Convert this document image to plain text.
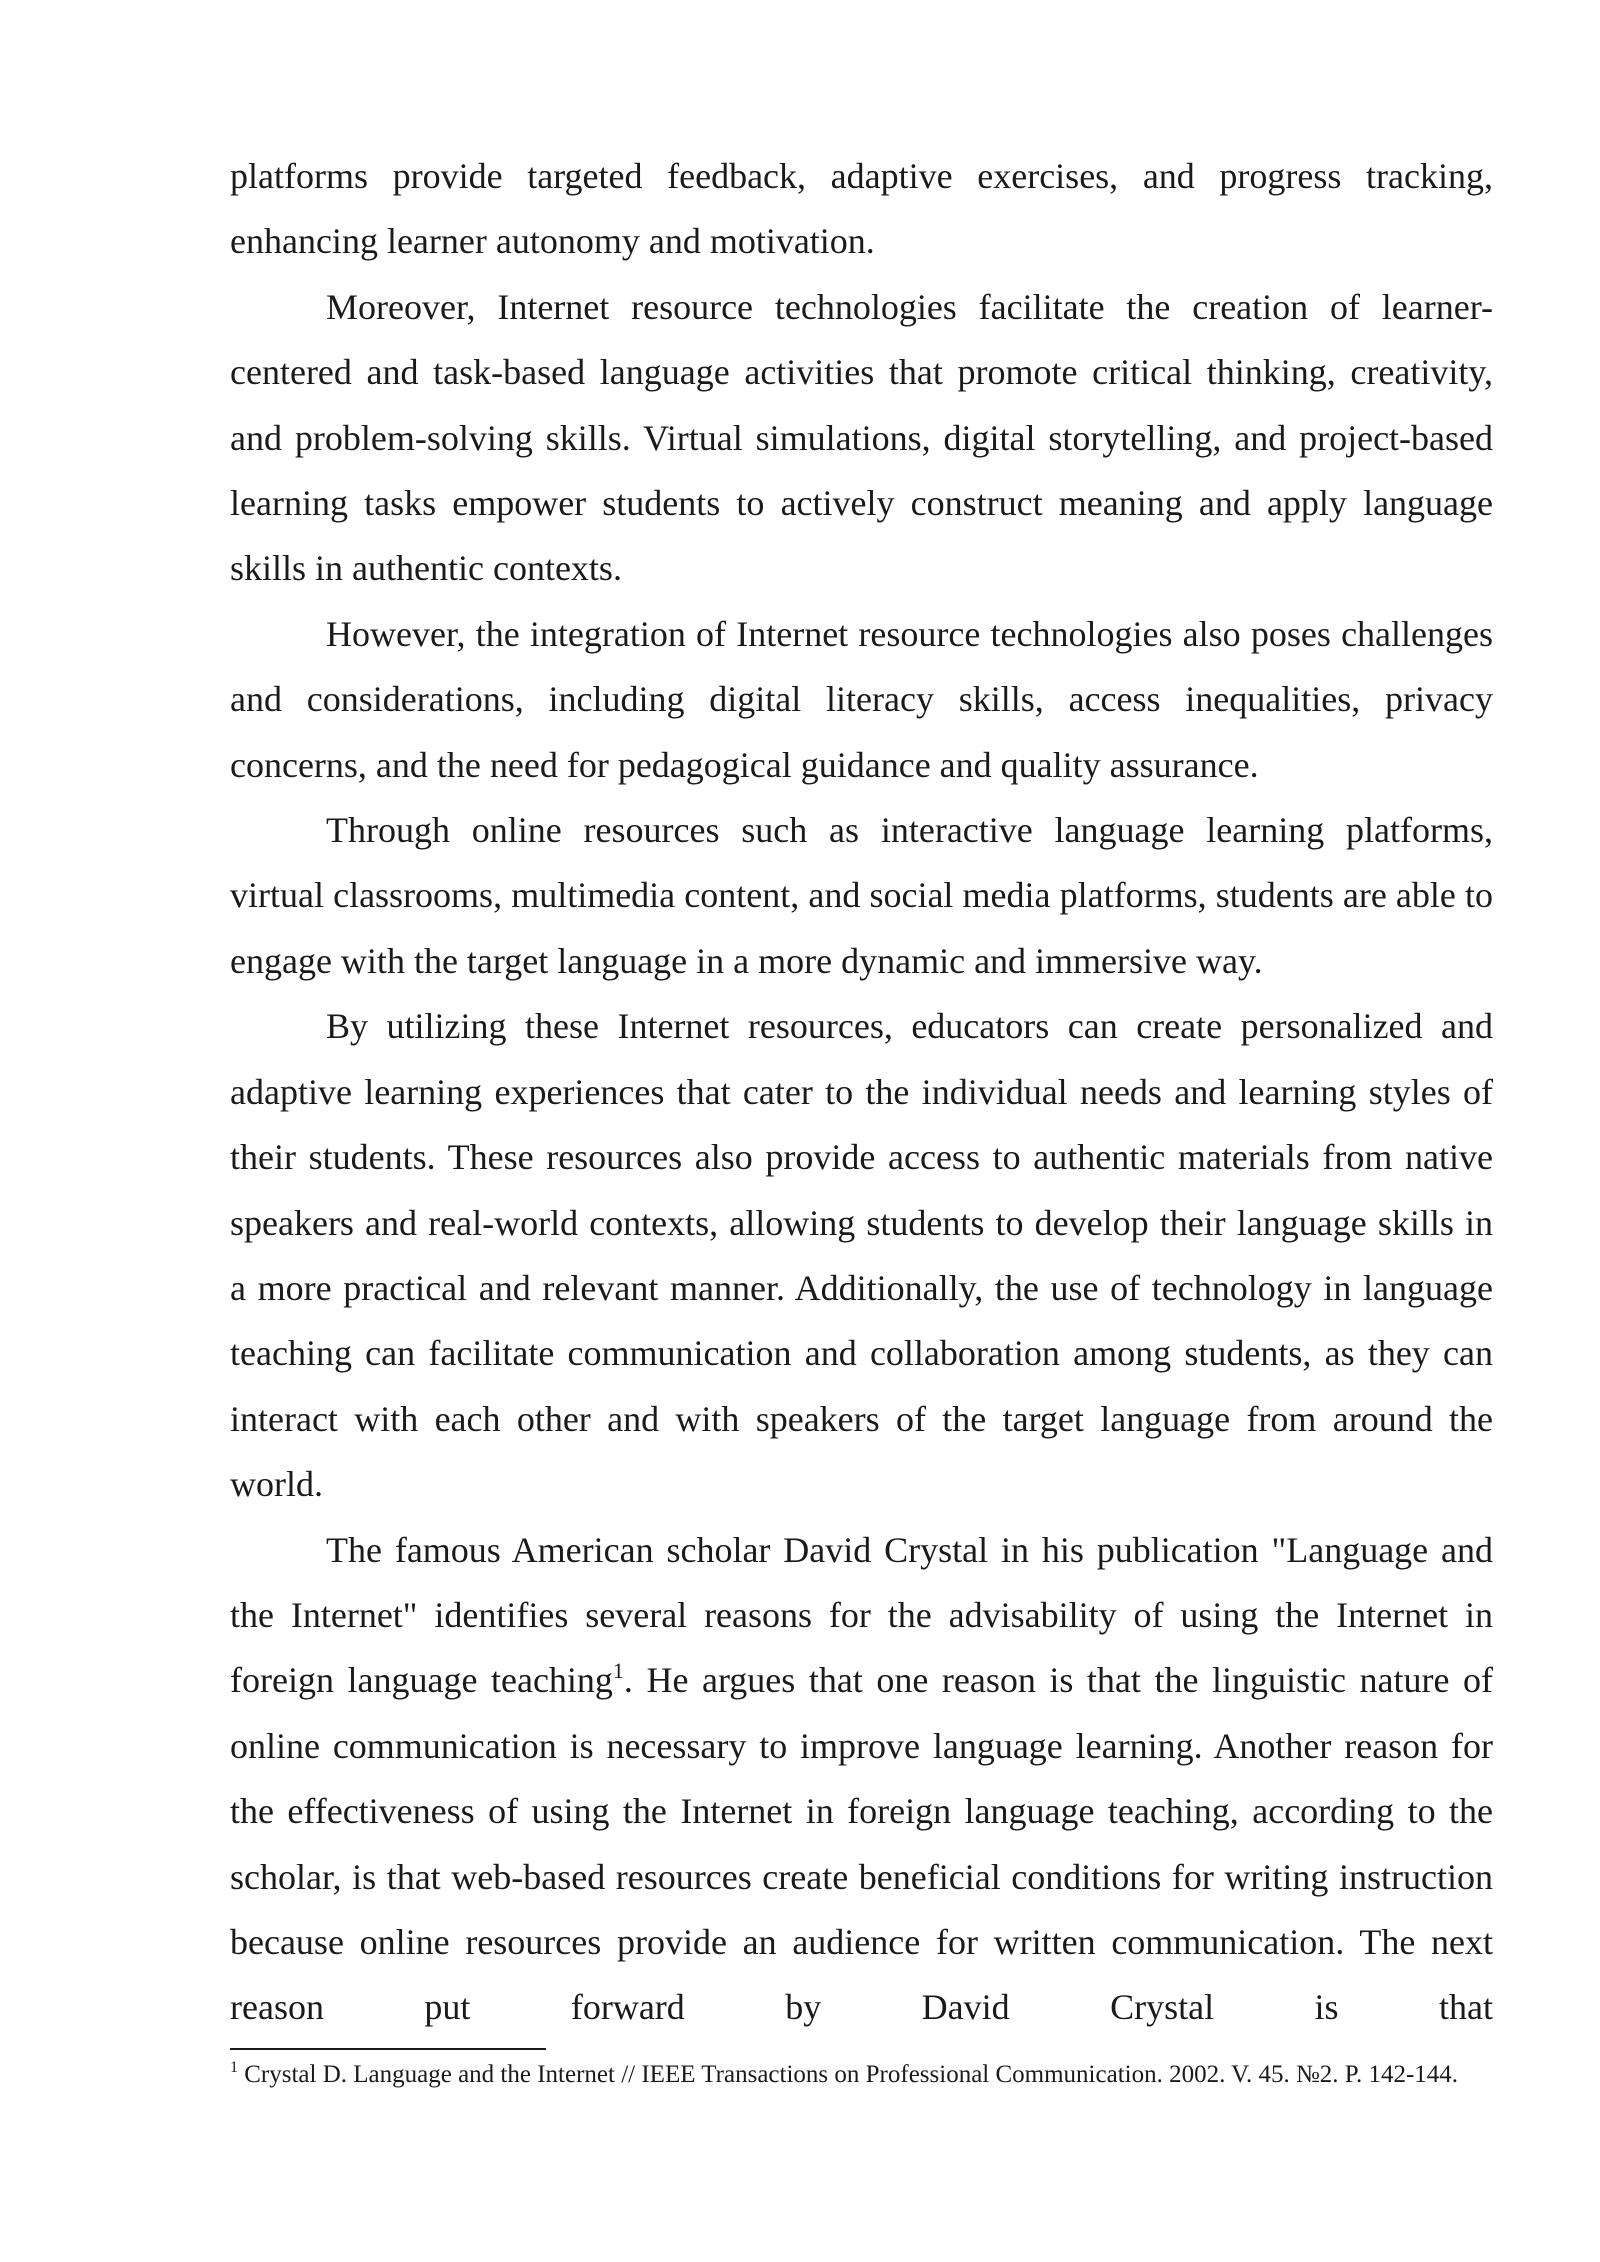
platforms provide targeted feedback, adaptive exercises, and progress tracking, enhancing learner autonomy and motivation.

Moreover, Internet resource technologies facilitate the creation of learner-centered and task-based language activities that promote critical thinking, creativity, and problem-solving skills. Virtual simulations, digital storytelling, and project-based learning tasks empower students to actively construct meaning and apply language skills in authentic contexts.

However, the integration of Internet resource technologies also poses challenges and considerations, including digital literacy skills, access inequalities, privacy concerns, and the need for pedagogical guidance and quality assurance.

Through online resources such as interactive language learning platforms, virtual classrooms, multimedia content, and social media platforms, students are able to engage with the target language in a more dynamic and immersive way.

By utilizing these Internet resources, educators can create personalized and adaptive learning experiences that cater to the individual needs and learning styles of their students. These resources also provide access to authentic materials from native speakers and real-world contexts, allowing students to develop their language skills in a more practical and relevant manner. Additionally, the use of technology in language teaching can facilitate communication and collaboration among students, as they can interact with each other and with speakers of the target language from around the world.

The famous American scholar David Crystal in his publication "Language and the Internet" identifies several reasons for the advisability of using the Internet in foreign language teaching$^1$. He argues that one reason is that the linguistic nature of online communication is necessary to improve language learning. Another reason for the effectiveness of using the Internet in foreign language teaching, according to the scholar, is that web-based resources create beneficial conditions for writing instruction because online resources provide an audience for written communication. The next reason put forward by David Crystal is that

$^1$ Crystal D. Language and the Internet // IEEE Transactions on Professional Communication. 2002. V. 45. №2. P. 142-144.
